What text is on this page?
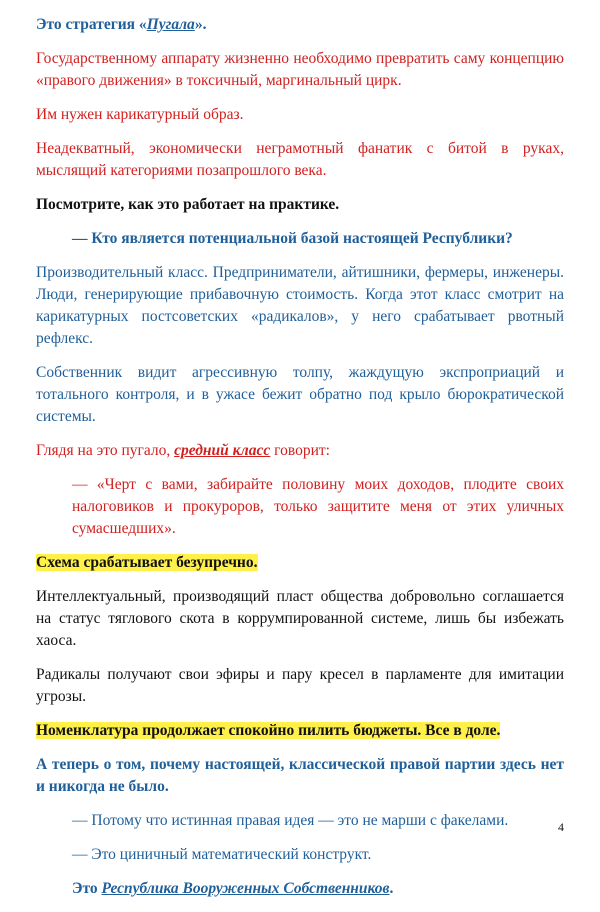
Это стратегия «Пугала».

Государственному аппарату жизненно необходимо превратить саму концепцию «правого движения» в токсичный, маргинальный цирк.

Им нужен карикатурный образ.

Неадекватный, экономически неграмотный фанатик с битой в руках, мыслящий категориями позапрошлого века.

Посмотрите, как это работает на практике.

— Кто является потенциальной базой настоящей Республики?

Производительный класс. Предприниматели, айтишники, фермеры, инженеры. Люди, генерирующие прибавочную стоимость. Когда этот класс смотрит на карикатурных постсоветских «радикалов», у него срабатывает рвотный рефлекс.

Собственник видит агрессивную толпу, жаждущую экспроприаций и тотального контроля, и в ужасе бежит обратно под крыло бюрократической системы.

Глядя на это пугало, средний класс говорит:

— «Черт с вами, забирайте половину моих доходов, плодите своих налоговиков и прокуроров, только защитите меня от этих уличных сумасшедших».

Схема срабатывает безупречно.

Интеллектуальный, производящий пласт общества добровольно соглашается на статус тяглового скота в коррумпированной системе, лишь бы избежать хаоса.

Радикалы получают свои эфиры и пару кресел в парламенте для имитации угрозы.

Номенклатура продолжает спокойно пилить бюджеты. Все в доле.

А теперь о том, почему настоящей, классической правой партии здесь нет и никогда не было.

— Потому что истинная правая идея — это не марши с факелами.

— Это циничный математический конструкт.

Это Республика Вооруженных Собственников.

4
